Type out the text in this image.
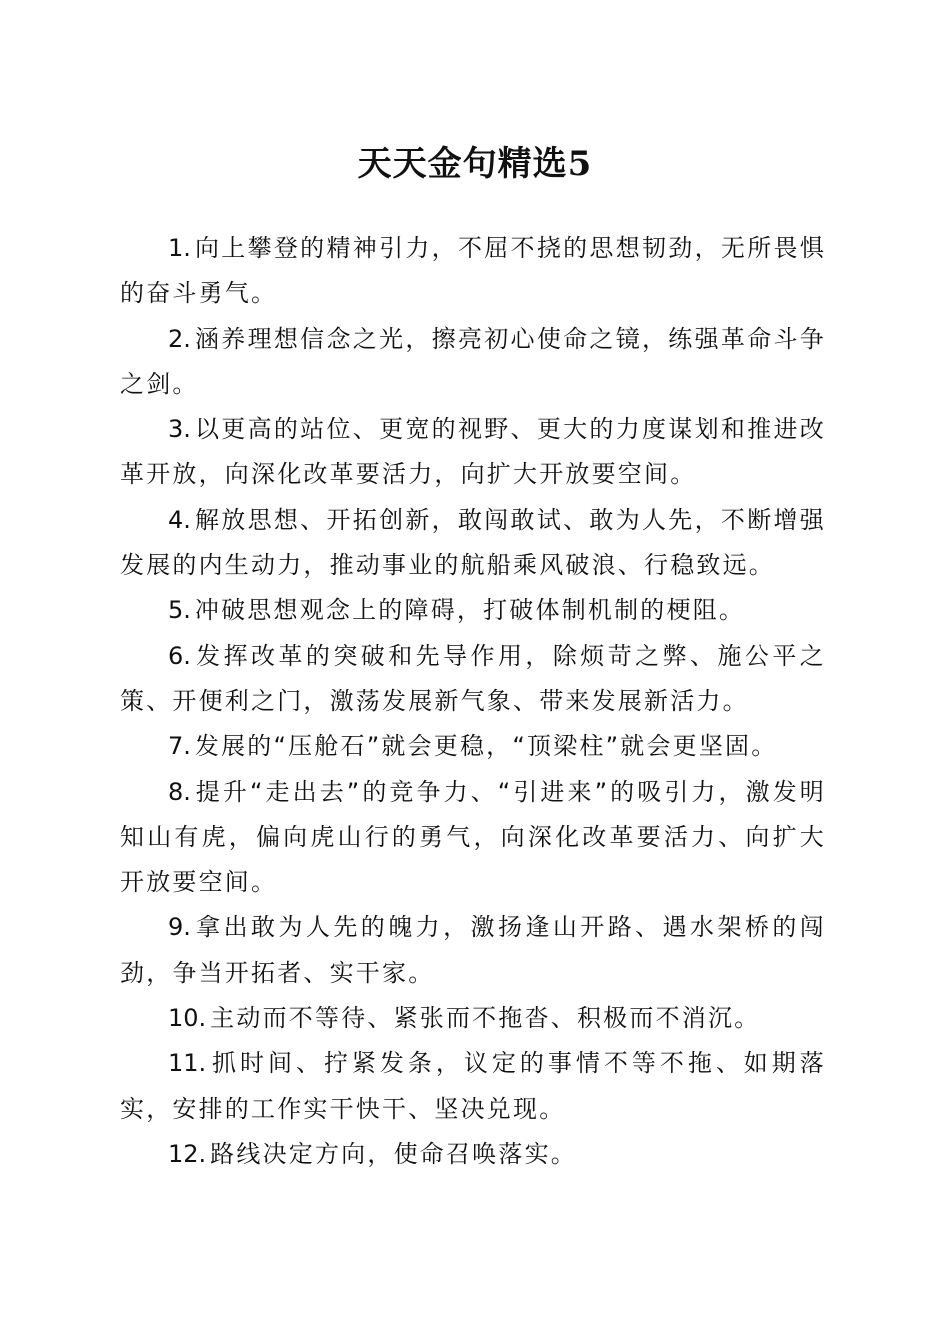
天天金句精选5

1. 向上攀登的精神引力，不屈不挠的思想韧劲，无所畏惧的奋斗勇气。

2. 涵养理想信念之光，擦亮初心使命之镜，练强革命斗争之剑。

3. 以更高的站位、更宽的视野、更大的力度谋划和推进改革开放，向深化改革要活力，向扩大开放要空间。

4. 解放思想、开拓创新，敢闯敢试、敢为人先，不断增强发展的内生动力，推动事业的航船乘风破浪、行稳致远。

5. 冲破思想观念上的障碍，打破体制机制的梗阻。

6. 发挥改革的突破和先导作用，除烦苛之弊、施公平之策、开便利之门，激荡发展新气象、带来发展新活力。

7. 发展的“压舱石”就会更稳，“顶梁柱”就会更坚固。

8. 提升“走出去”的竞争力、“引进来”的吸引力，激发明知山有虎，偏向虎山行的勇气，向深化改革要活力、向扩大开放要空间。

9. 拿出敢为人先的魄力，激扬逢山开路、遇水架桥的闯劲，争当开拓者、实干家。

10. 主动而不等待、紧张而不拖沓、积极而不消沉。

11. 抓时间、拧紧发条，议定的事情不等不拖、如期落实，安排的工作实干快干、坚决兑现。

12. 路线决定方向，使命召唤落实。
